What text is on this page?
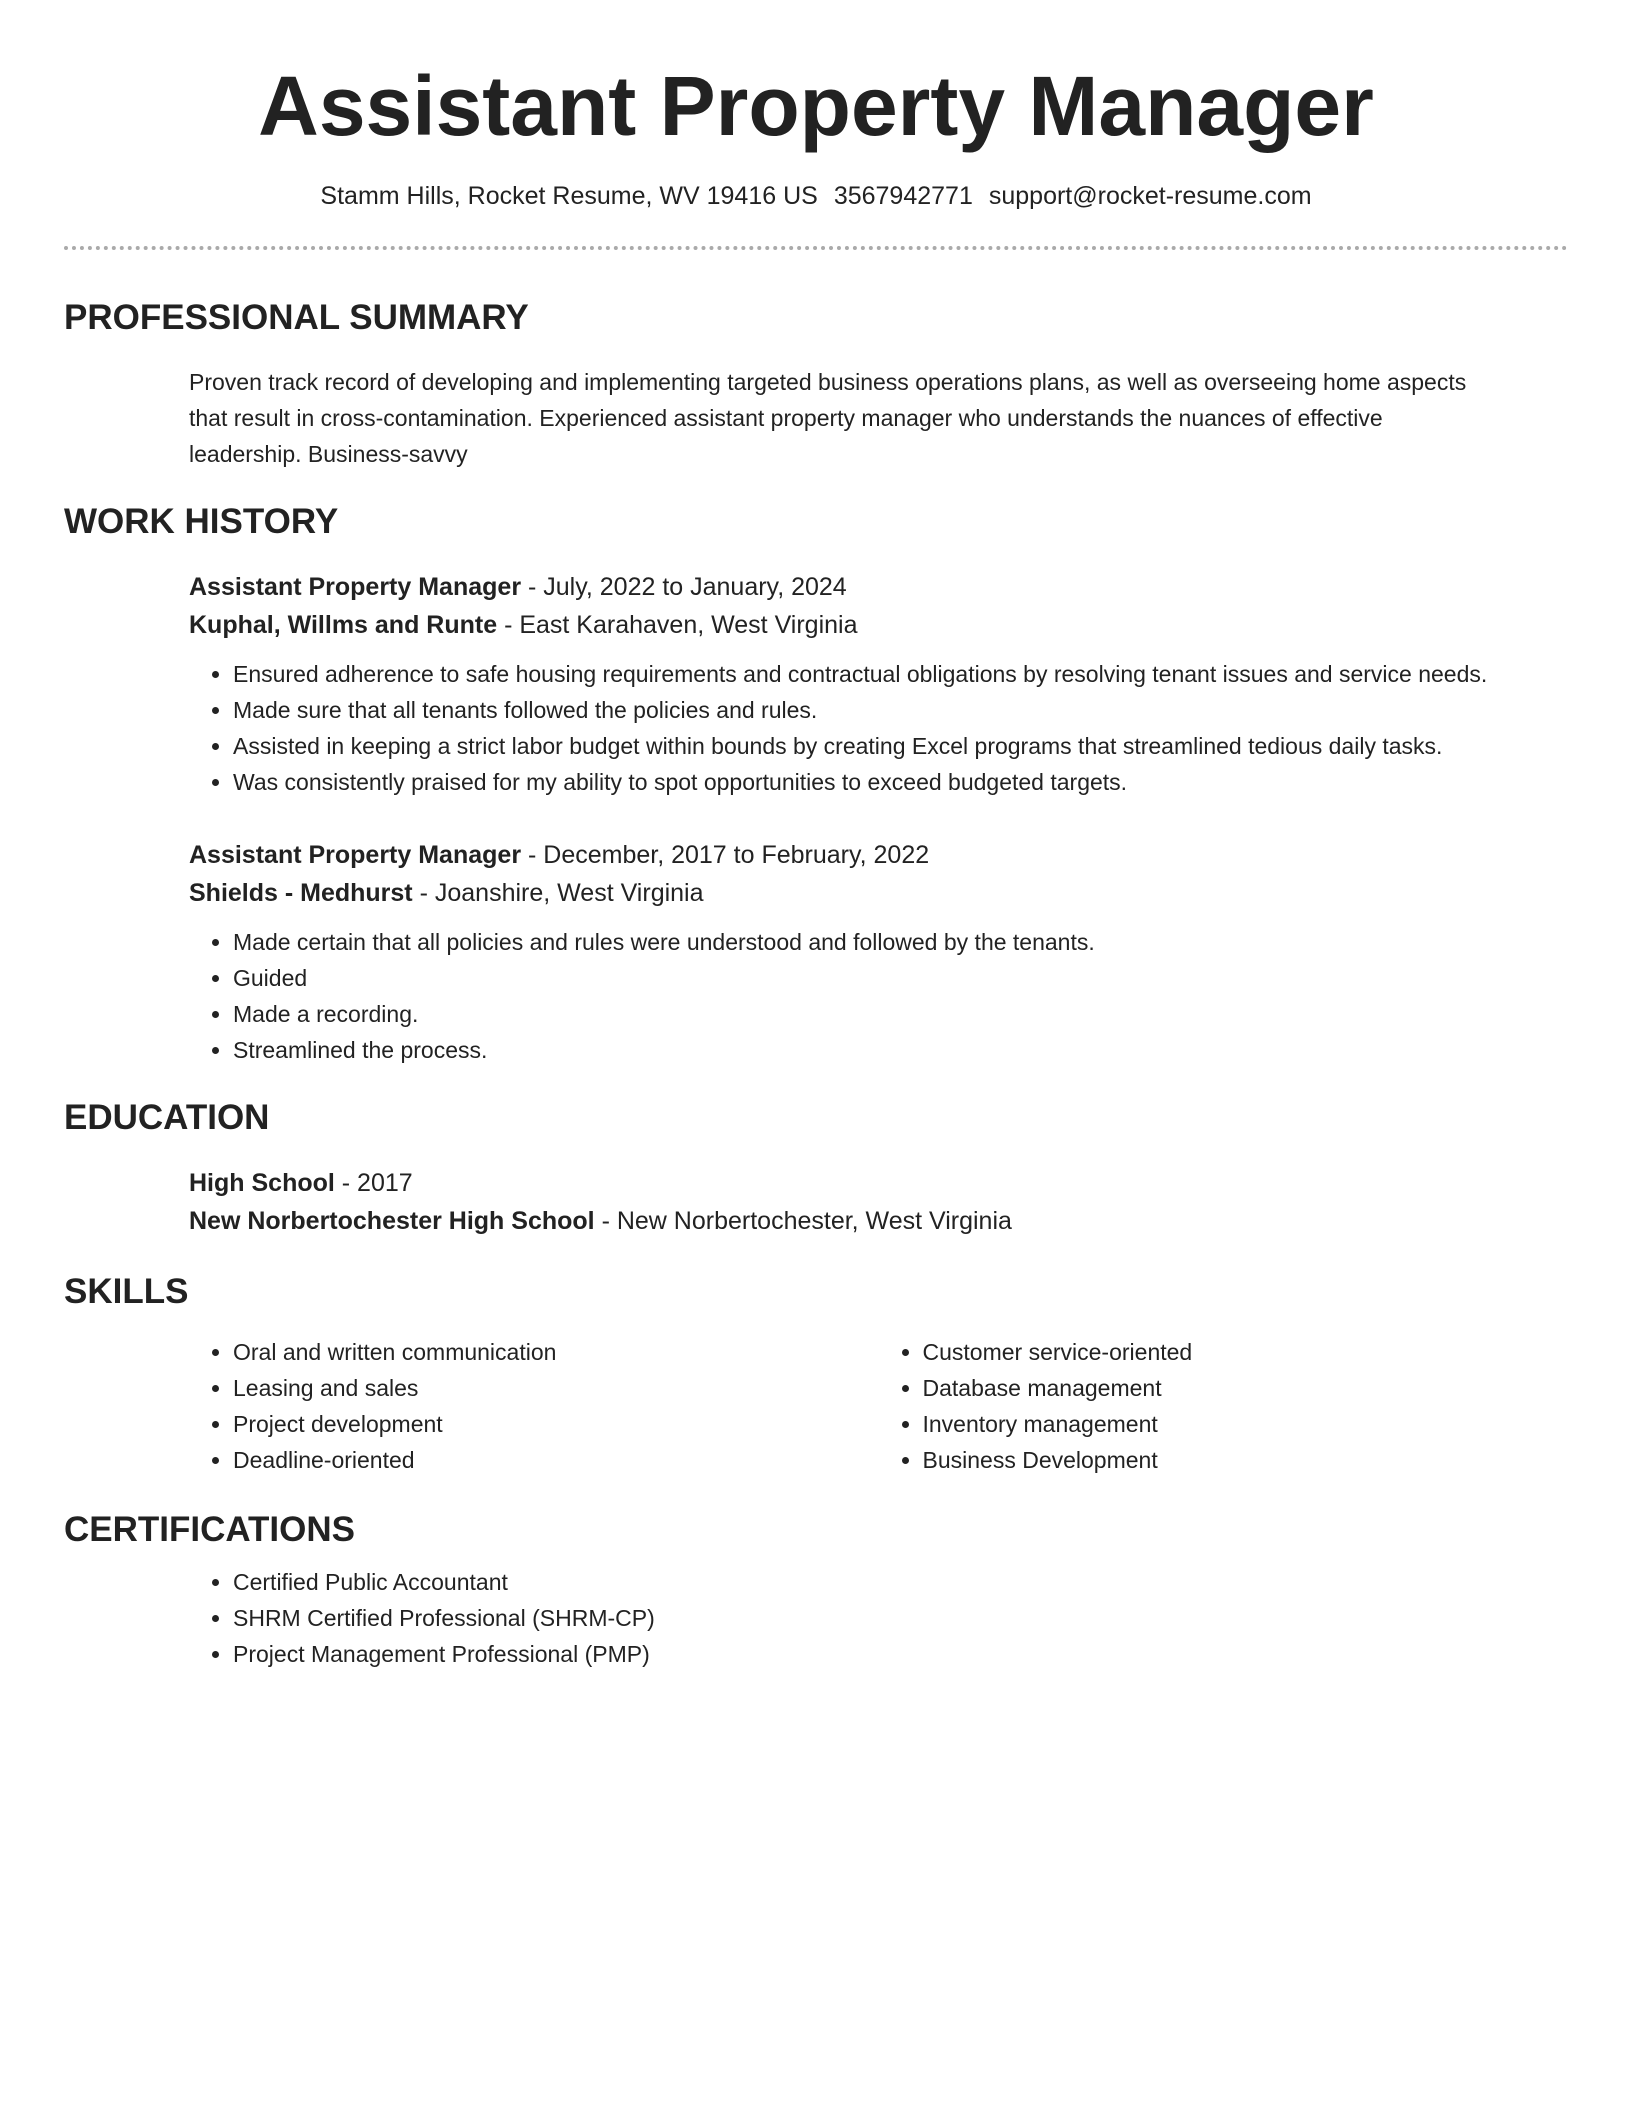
Assistant Property Manager
Stamm Hills, Rocket Resume, WV 19416 US 3567942771 support@rocket-resume.com
PROFESSIONAL SUMMARY
Proven track record of developing and implementing targeted business operations plans, as well as overseeing home aspects that result in cross-contamination. Experienced assistant property manager who understands the nuances of effective leadership. Business-savvy
WORK HISTORY
Assistant Property Manager - July, 2022 to January, 2024
Kuphal, Willms and Runte - East Karahaven, West Virginia
• Ensured adherence to safe housing requirements and contractual obligations by resolving tenant issues and service needs.
• Made sure that all tenants followed the policies and rules.
• Assisted in keeping a strict labor budget within bounds by creating Excel programs that streamlined tedious daily tasks.
• Was consistently praised for my ability to spot opportunities to exceed budgeted targets.
Assistant Property Manager - December, 2017 to February, 2022
Shields - Medhurst - Joanshire, West Virginia
• Made certain that all policies and rules were understood and followed by the tenants.
• Guided
• Made a recording.
• Streamlined the process.
EDUCATION
High School - 2017
New Norbertochester High School - New Norbertochester, West Virginia
SKILLS
• Oral and written communication
• Leasing and sales
• Project development
• Deadline-oriented
• Customer service-oriented
• Database management
• Inventory management
• Business Development
CERTIFICATIONS
• Certified Public Accountant
• SHRM Certified Professional (SHRM-CP)
• Project Management Professional (PMP)
